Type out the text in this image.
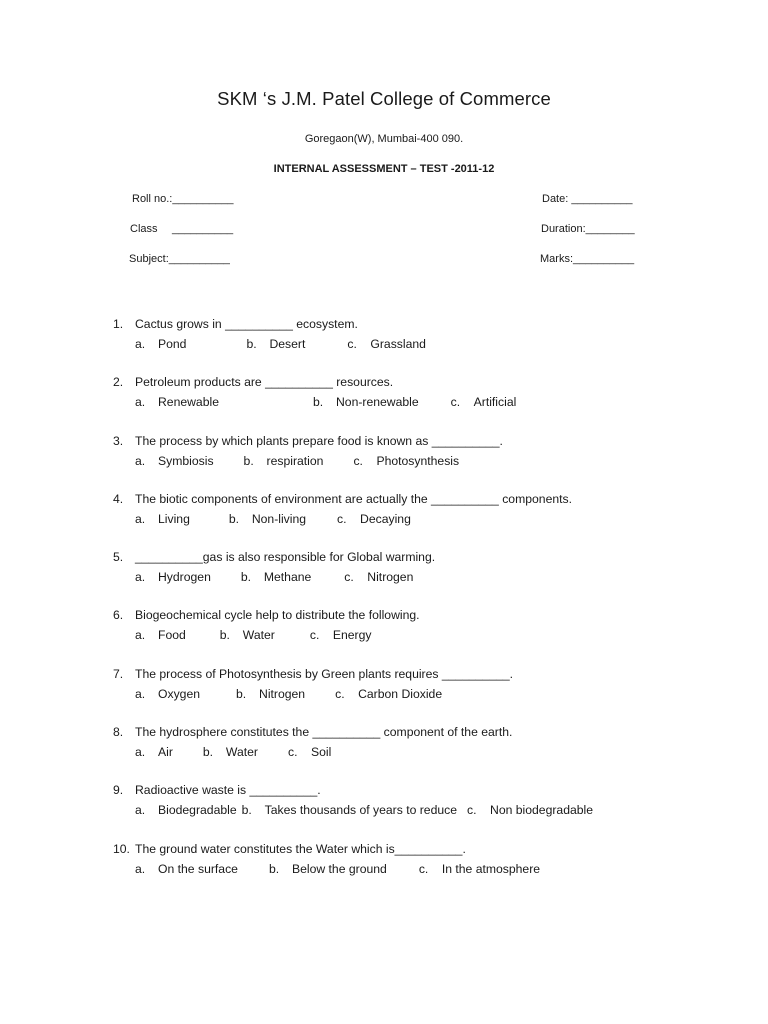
SKM ‘s J.M. Patel College of Commerce
Goregaon(W), Mumbai-400 090.
INTERNAL ASSESSMENT – TEST -2011-12
Roll no.:__________
Class __________
Subject:__________
Date: __________
Duration:________
Marks:__________
1. Cactus grows in __________ ecosystem.
a. Pond	b. Desert	c. Grassland
2. Petroleum products are __________ resources.
a. Renewable	b. Non-renewable	c. Artificial
3. The process by which plants prepare food is known as __________.
a. Symbiosis b. respiration c. Photosynthesis
4. The biotic components of environment are actually the __________ components.
a. Living	b. Non-living	c. Decaying
5. __________gas is also responsible for Global warming.
a. Hydrogen b. Methane	c. Nitrogen
6. Biogeochemical cycle help to distribute the following.
a. Food	b. Water	c. Energy
7. The process of Photosynthesis by Green plants requires __________.
a. Oxygen	b. Nitrogen c. Carbon Dioxide
8. The hydrosphere constitutes the __________ component of the earth.
a. Air b. Water c. Soil
9. Radioactive waste is __________.
a. Biodegradable b. Takes thousands of years to reduce c. Non biodegradable
10. The ground water constitutes the Water which is__________.
a. On the surface	b. Below the ground	c. In the atmosphere
